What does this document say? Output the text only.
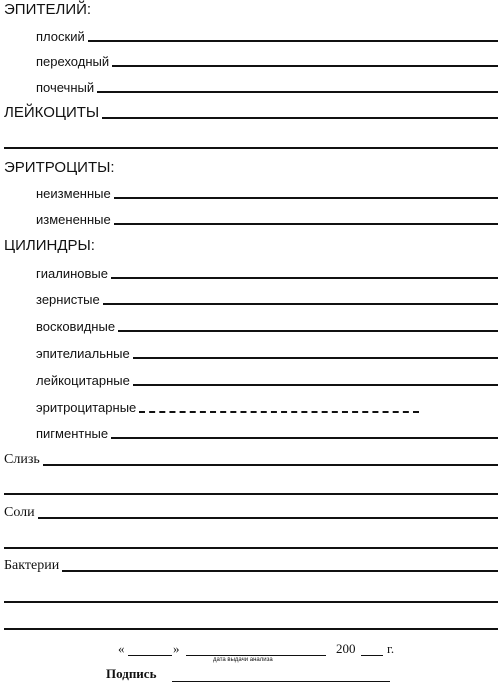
ЭПИТЕЛИЙ:
плоский
переходный
почечный
ЛЕЙКОЦИТЫ
ЭРИТРОЦИТЫ:
неизменные
измененные
ЦИЛИНДРЫ:
гиалиновые
зернистые
восковидные
эпителиальные
лейкоцитарные
эритроцитарные
пигментные
Слизь
Соли
Бактерии
«	»	200 г.
дата выдачи анализа
Подпись
